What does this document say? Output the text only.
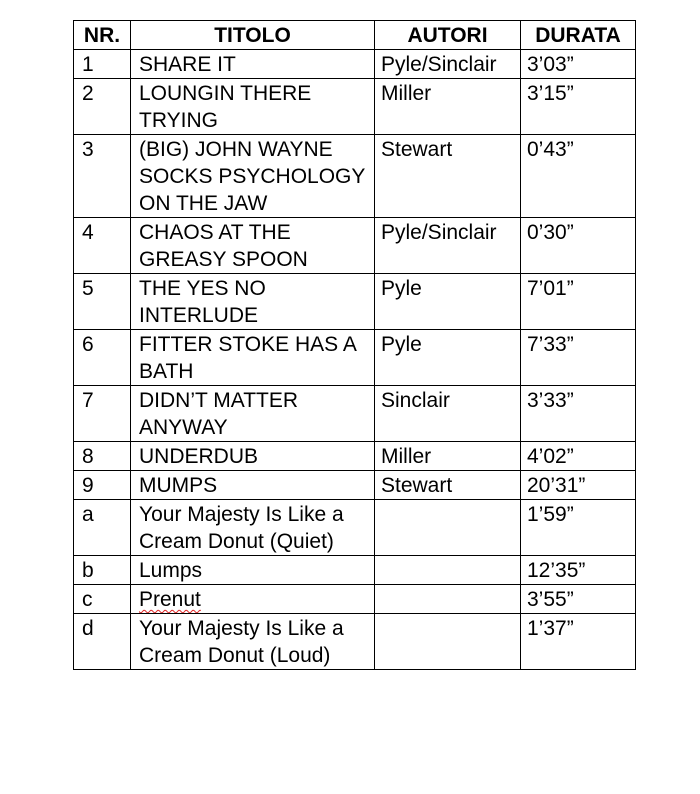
NR.	TITOLO	AUTORI	DURATA
1	SHARE IT	Pyle/Sinclair	3’03”
2	LOUNGIN THERE TRYING	Miller	3’15”
3	(BIG) JOHN WAYNE SOCKS PSYCHOLOGY ON THE JAW	Stewart	0’43”
4	CHAOS AT THE GREASY SPOON	Pyle/Sinclair	0’30”
5	THE YES NO INTERLUDE	Pyle	7’01”
6	FITTER STOKE HAS A BATH	Pyle	7’33”
7	DIDN’T MATTER ANYWAY	Sinclair	3’33”
8	UNDERDUB	Miller	4’02”
9	MUMPS	Stewart	20’31”
a	Your Majesty Is Like a Cream Donut (Quiet)		1’59”
b	Lumps		12’35”
c	Prenut		3’55”
d	Your Majesty Is Like a Cream Donut (Loud)		1’37”
